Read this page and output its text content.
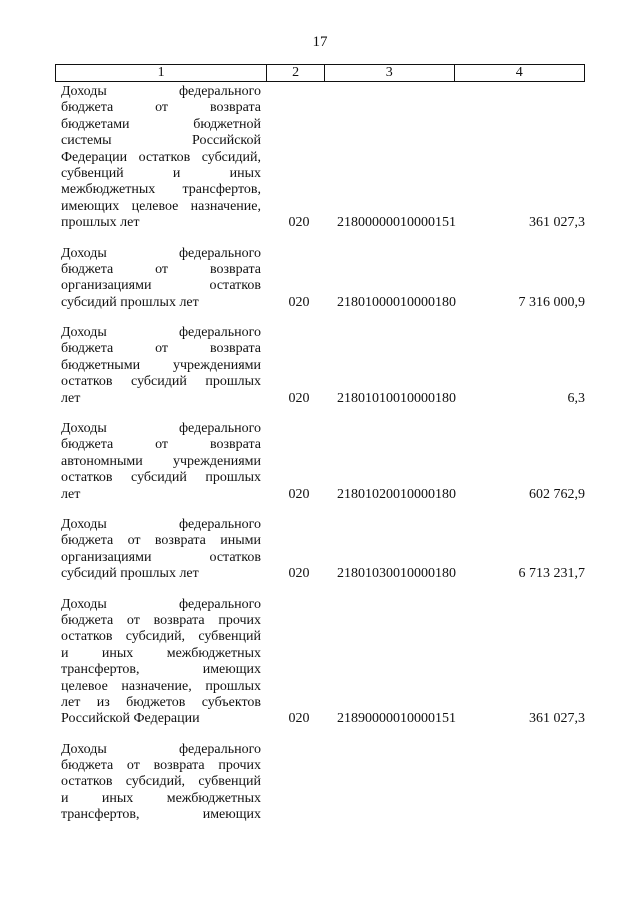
17
1	2	3	4
Доходы федерального
бюджета от возврата
бюджетами бюджетной
системы Российской
Федерации остатков субсидий,
субвенций и иных
межбюджетных трансфертов,
имеющих целевое назначение,
прошлых лет	020 21800000010000151	361 027,3
Доходы федерального
бюджета от возврата
организациями остатков
субсидий прошлых лет	020 21801000010000180	7 316 000,9
Доходы федерального
бюджета от возврата
бюджетными учреждениями
остатков субсидий прошлых
лет	020 21801010010000180	6,3
Доходы федерального
бюджета от возврата
автономными учреждениями
остатков субсидий прошлых
лет	020 21801020010000180	602 762,9
Доходы федерального
бюджета от возврата иными
организациями остатков
субсидий прошлых лет	020 21801030010000180	6 713 231,7
Доходы федерального
бюджета от возврата прочих
остатков субсидий, субвенций
и иных межбюджетных
трансфертов, имеющих
целевое назначение, прошлых
лет из бюджетов субъектов
Российской Федерации	020 21890000010000151	361 027,3
Доходы федерального
бюджета от возврата прочих
остатков субсидий, субвенций
и иных межбюджетных
трансфертов, имеющих
